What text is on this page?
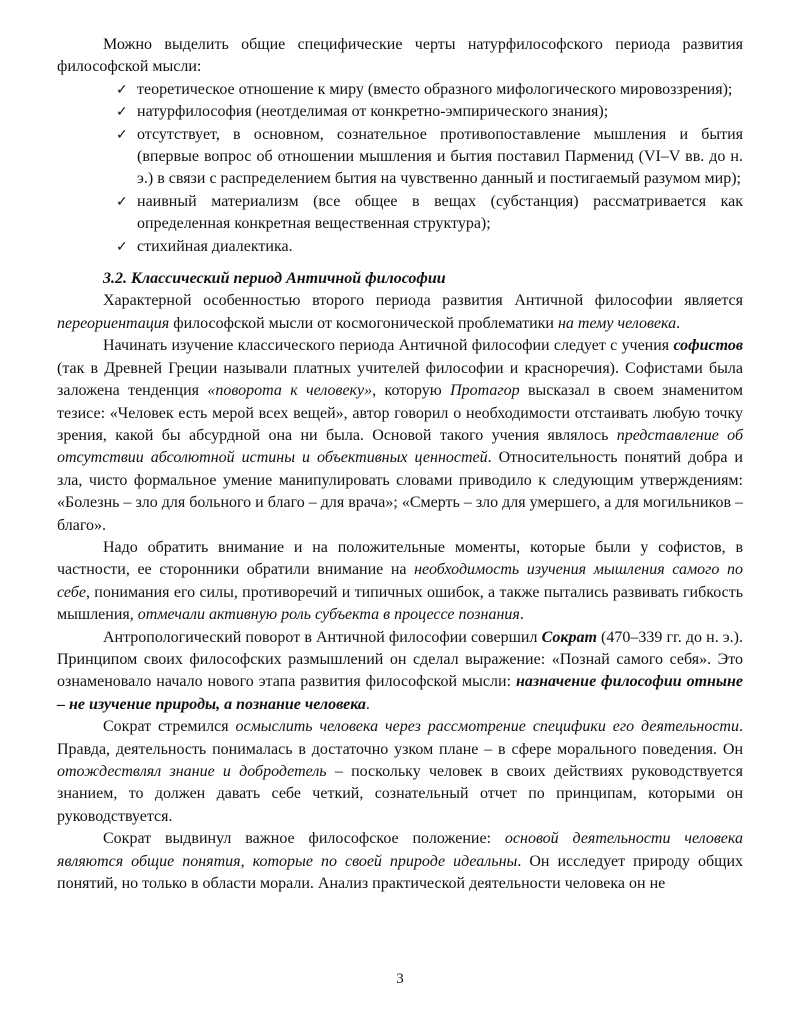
Можно выделить общие специфические черты натурфилософского периода развития философской мысли:

✓ теоретическое отношение к миру (вместо образного мифологического мировоззрения);
✓ натурфилософия (неотделимая от конкретно-эмпирического знания);
✓ отсутствует, в основном, сознательное противопоставление мышления и бытия (впервые вопрос об отношении мышления и бытия поставил Парменид (VI–V вв. до н. э.) в связи с распределением бытия на чувственно данный и постигаемый разумом мир);
✓ наивный материализм (все общее в вещах (субстанция) рассматривается как определенная конкретная вещественная структура);
✓ стихийная диалектика.
3.2. Классический период Античной философии

Характерной особенностью второго периода развития Античной философии является переориентация философской мысли от космогонической проблематики на тему человека.

Начинать изучение классического периода Античной философии следует с учения софистов (так в Древней Греции называли платных учителей философии и красноречия). Софистами была заложена тенденция «поворота к человеку», которую Протагор высказал в своем знаменитом тезисе: «Человек есть мерой всех вещей», автор говорил о необходимости отстаивать любую точку зрения, какой бы абсурдной она ни была. Основой такого учения являлось представление об отсутствии абсолютной истины и объективных ценностей. Относительность понятий добра и зла, чисто формальное умение манипулировать словами приводило к следующим утверждениям: «Болезнь – зло для больного и благо – для врача»; «Смерть – зло для умершего, а для могильников – благо».

Надо обратить внимание и на положительные моменты, которые были у софистов, в частности, ее сторонники обратили внимание на необходимость изучения мышления самого по себе, понимания его силы, противоречий и типичных ошибок, а также пытались развивать гибкость мышления, отмечали активную роль субъекта в процессе познания.

Антропологический поворот в Античной философии совершил Сократ (470–339 гг. до н. э.). Принципом своих философских размышлений он сделал выражение: «Познай самого себя». Это ознаменовало начало нового этапа развития философской мысли: назначение философии отныне – не изучение природы, а познание человека.

Сократ стремился осмыслить человека через рассмотрение специфики его деятельности. Правда, деятельность понималась в достаточно узком плане – в сфере морального поведения. Он отождествлял знание и добродетель – поскольку человек в своих действиях руководствуется знанием, то должен давать себе четкий, сознательный отчет по принципам, которыми он руководствуется.

Сократ выдвинул важное философское положение: основой деятельности человека являются общие понятия, которые по своей природе идеальны. Он исследует природу общих понятий, но только в области морали. Анализ практической деятельности человека он не

3
